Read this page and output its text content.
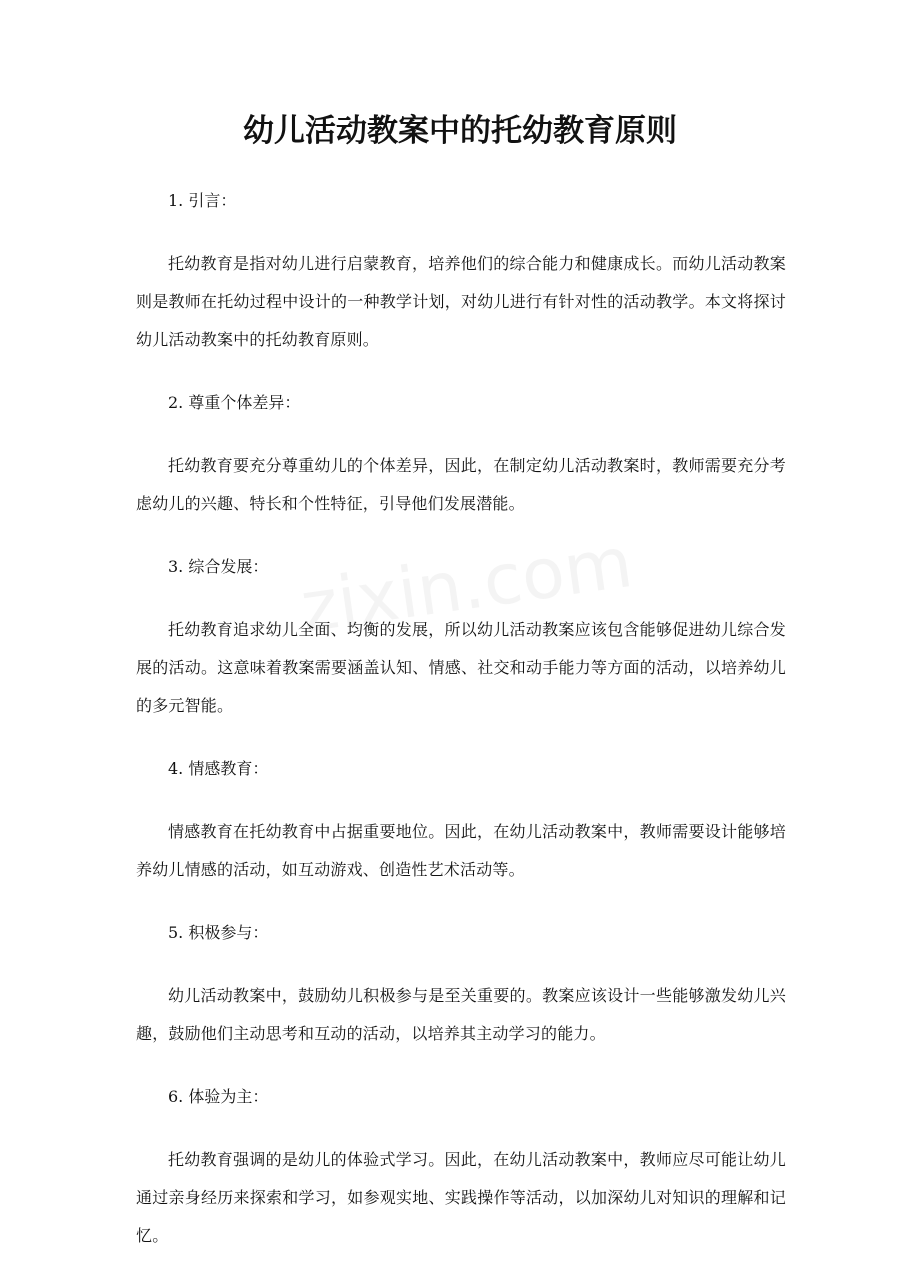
幼儿活动教案中的托幼教育原则

1. 引言：

托幼教育是指对幼儿进行启蒙教育，培养他们的综合能力和健康成长。而幼儿活动教案则是教师在托幼过程中设计的一种教学计划，对幼儿进行有针对性的活动教学。本文将探讨幼儿活动教案中的托幼教育原则。

2. 尊重个体差异：

托幼教育要充分尊重幼儿的个体差异，因此，在制定幼儿活动教案时，教师需要充分考虑幼儿的兴趣、特长和个性特征，引导他们发展潜能。

3. 综合发展：

托幼教育追求幼儿全面、均衡的发展，所以幼儿活动教案应该包含能够促进幼儿综合发展的活动。这意味着教案需要涵盖认知、情感、社交和动手能力等方面的活动，以培养幼儿的多元智能。

4. 情感教育：

情感教育在托幼教育中占据重要地位。因此，在幼儿活动教案中，教师需要设计能够培养幼儿情感的活动，如互动游戏、创造性艺术活动等。

5. 积极参与：

幼儿活动教案中，鼓励幼儿积极参与是至关重要的。教案应该设计一些能够激发幼儿兴趣，鼓励他们主动思考和互动的活动，以培养其主动学习的能力。

6. 体验为主：

托幼教育强调的是幼儿的体验式学习。因此，在幼儿活动教案中，教师应尽可能让幼儿通过亲身经历来探索和学习，如参观实地、实践操作等活动，以加深幼儿对知识的理解和记忆。
